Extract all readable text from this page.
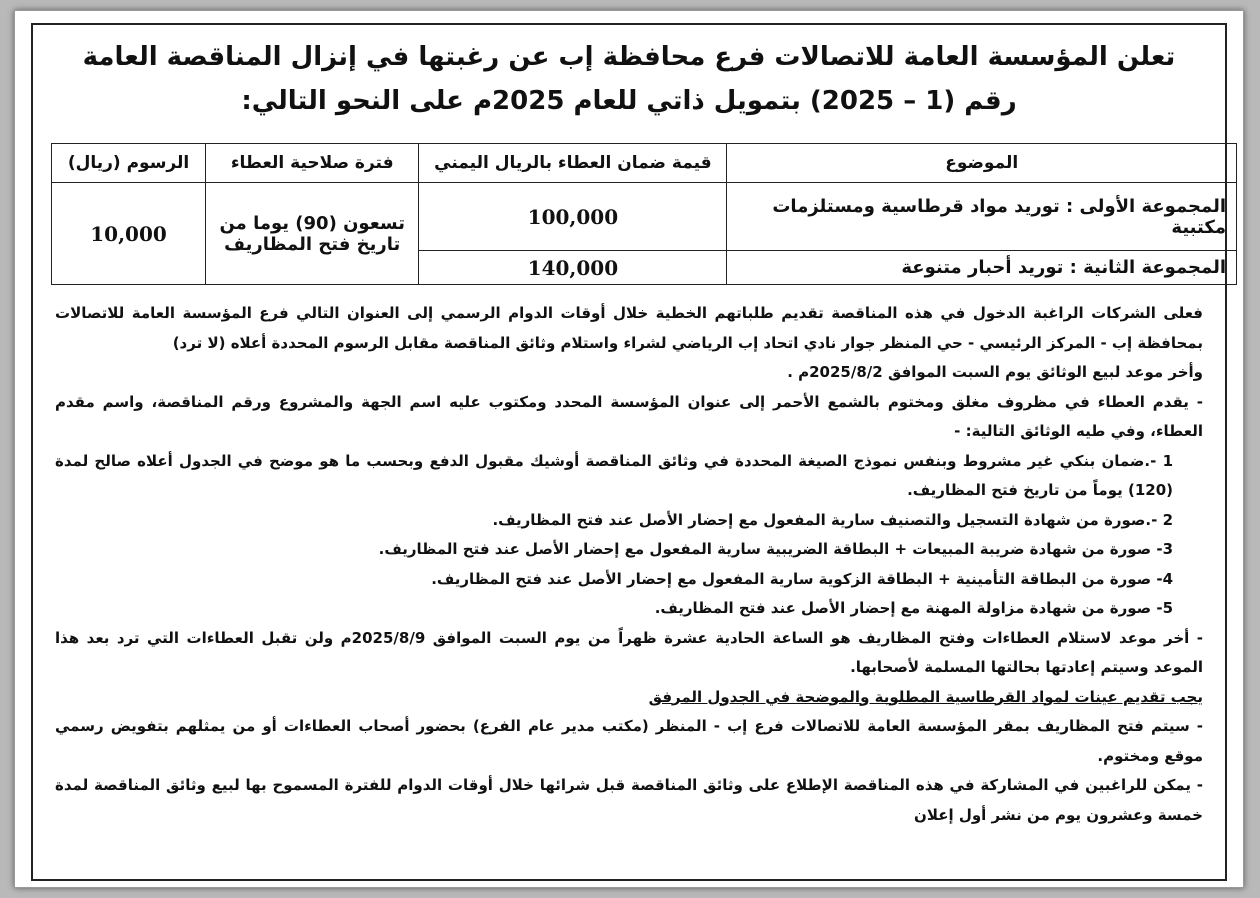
تعلن المؤسسة العامة للاتصالات فرع محافظة إب عن رغبتها في إنزال المناقصة العامة
رقم (1 – 2025) بتمويل ذاتي للعام 2025م على النحو التالي:
الموضوع	قيمة ضمان العطاء بالريال اليمني	فترة صلاحية العطاء	الرسوم (ريال)
المجموعة الأولى : توريد مواد قرطاسية ومستلزمات مكتبية	100,000	تسعون (90) يوما من تاريخ فتح المظاريف	10,000
المجموعة الثانية : توريد أحبار متنوعة	140,000		

فعلى الشركات الراغبة الدخول في هذه المناقصة تقديم طلباتهم الخطية خلال أوقات الدوام الرسمي إلى العنوان التالي فرع المؤسسة العامة للاتصالات بمحافظة إب - المركز الرئيسي - حي المنظر جوار نادي اتحاد إب الرياضي لشراء واستلام وثائق المناقصة مقابل الرسوم المحددة أعلاه (لا ترد)

وأخر موعد لبيع الوثائق يوم السبت الموافق 2025/8/2م .

- يقدم العطاء في مظروف مغلق ومختوم بالشمع الأحمر إلى عنوان المؤسسة المحدد ومكتوب عليه اسم الجهة والمشروع ورقم المناقصة، واسم مقدم العطاء، وفي طيه الوثائق التالية: -

1 -.ضمان بنكي غير مشروط وبنفس نموذج الصيغة المحددة في وثائق المناقصة أوشيك مقبول الدفع وبحسب ما هو موضح في الجدول أعلاه صالح لمدة (120) يوماً من تاريخ فتح المظاريف.

2 -.صورة من شهادة التسجيل والتصنيف سارية المفعول مع إحضار الأصل عند فتح المظاريف.

3- صورة من شهادة ضريبة المبيعات + البطاقة الضريبية سارية المفعول مع إحضار الأصل عند فتح المظاريف.

4- صورة من البطاقة التأمينية + البطاقة الزكوية سارية المفعول مع إحضار الأصل عند فتح المظاريف.

5- صورة من شهادة مزاولة المهنة مع إحضار الأصل عند فتح المظاريف.

- أخر موعد لاستلام العطاءات وفتح المظاريف هو الساعة الحادية عشرة ظهراً من يوم السبت الموافق 2025/8/9م ولن تقبل العطاءات التي ترد بعد هذا الموعد وسيتم إعادتها بحالتها المسلمة لأصحابها.

يجب تقديم عينات لمواد القرطاسية المطلوبة والموضحة في الجدول المرفق

- سيتم فتح المظاريف بمقر المؤسسة العامة للاتصالات فرع إب - المنظر (مكتب مدير عام الفرع) بحضور أصحاب العطاءات أو من يمثلهم بتفويض رسمي موقع ومختوم.

- يمكن للراغبين في المشاركة في هذه المناقصة الإطلاع على وثائق المناقصة قبل شرائها خلال أوقات الدوام للفترة المسموح بها لبيع وثائق المناقصة لمدة خمسة وعشرون يوم من نشر أول إعلان
